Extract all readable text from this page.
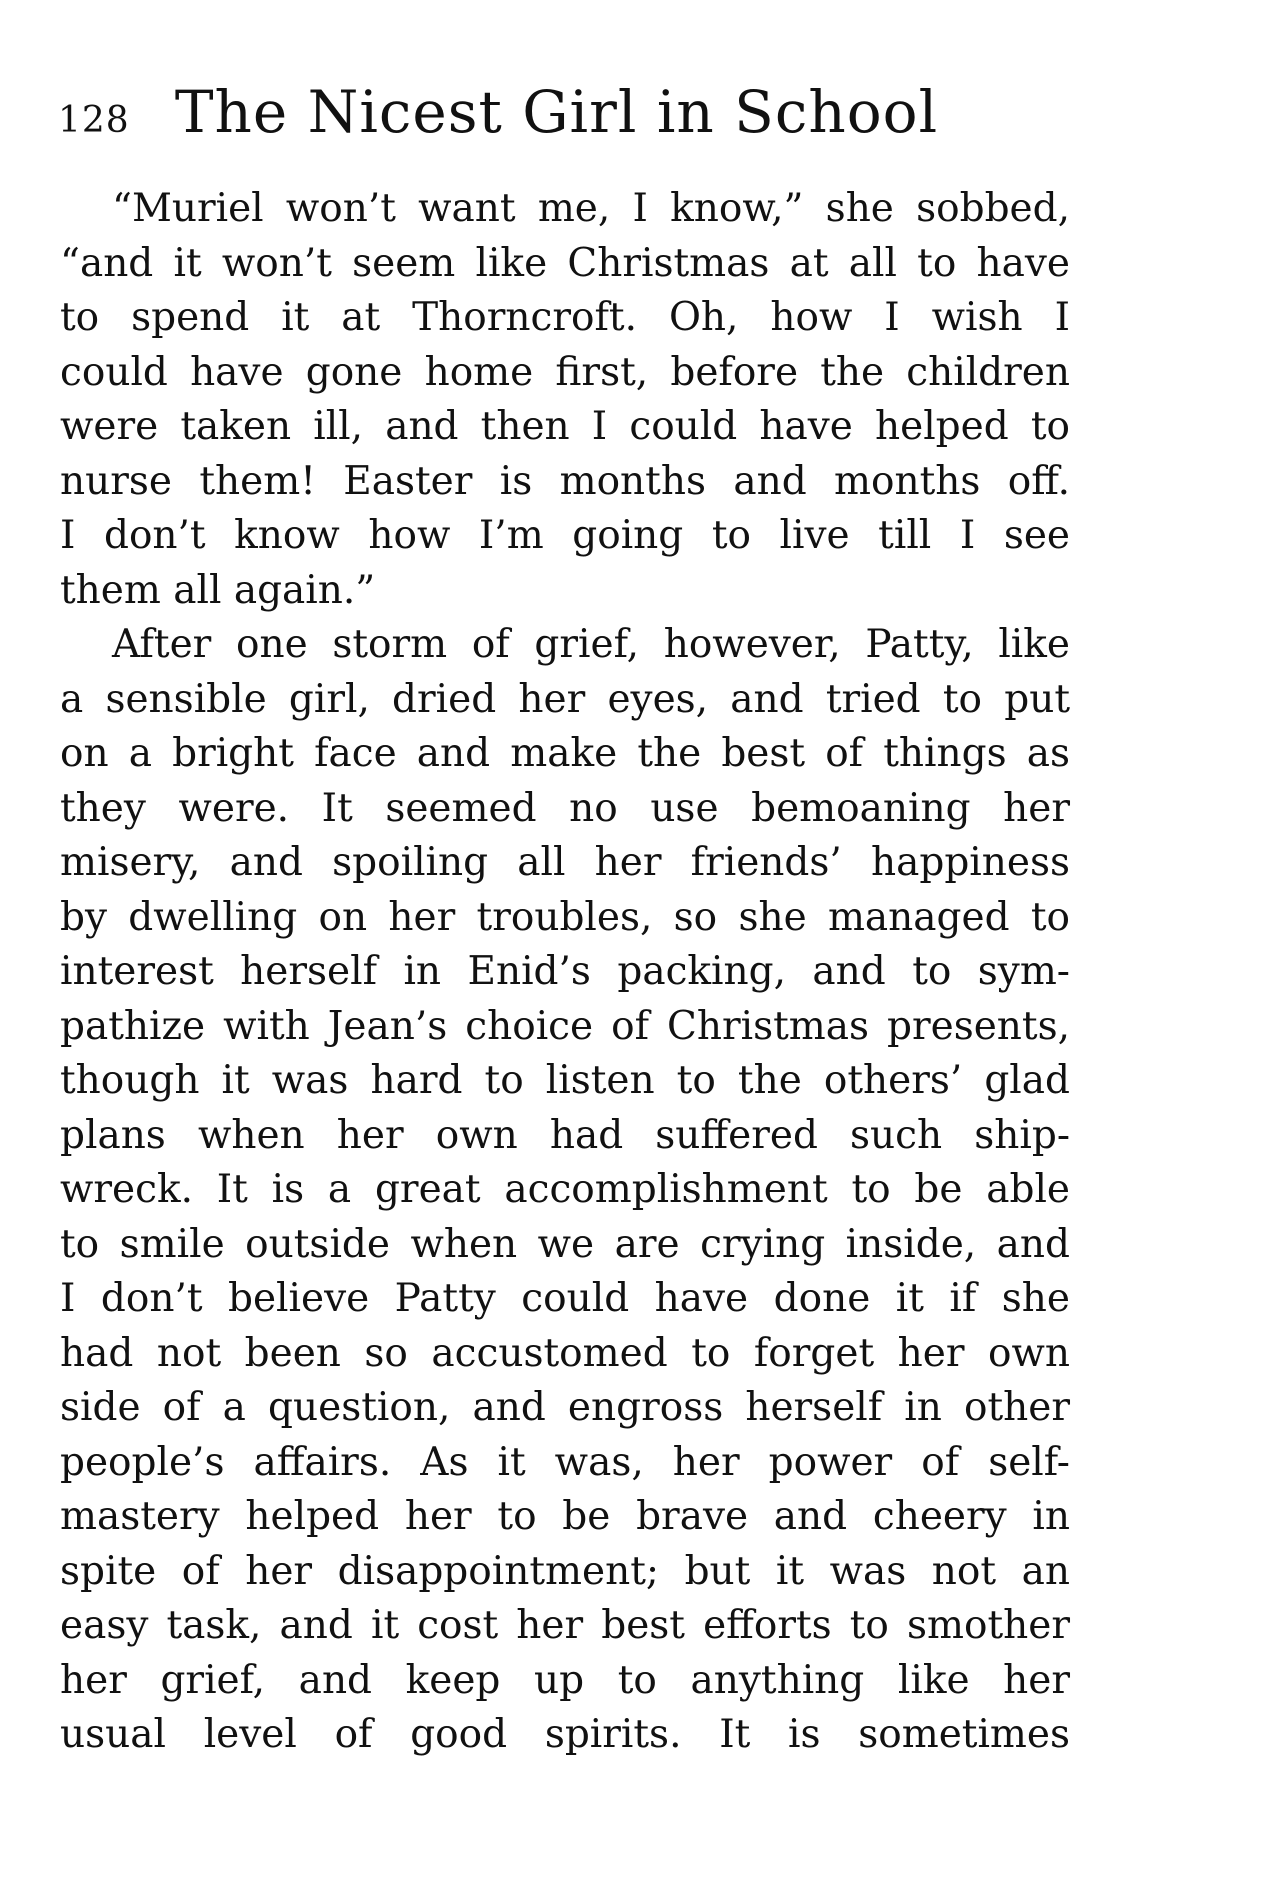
128 The Nicest Girl in School
“Muriel won’t want me, I know,” she sobbed,
“and it won’t seem like Christmas at all to have
to spend it at Thorncroft. Oh, how I wish I
could have gone home first, before the children
were taken ill, and then I could have helped to
nurse them! Easter is months and months off.
I don’t know how I’m going to live till I see
them all again.”
After one storm of grief, however, Patty, like
a sensible girl, dried her eyes, and tried to put
on a bright face and make the best of things as
they were. It seemed no use bemoaning her
misery, and spoiling all her friends’ happiness
by dwelling on her troubles, so she managed to
interest herself in Enid’s packing, and to sym-
pathize with Jean’s choice of Christmas presents,
though it was hard to listen to the others’ glad
plans when her own had suffered such ship-
wreck. It is a great accomplishment to be able
to smile outside when we are crying inside, and
I don’t believe Patty could have done it if she
had not been so accustomed to forget her own
side of a question, and engross herself in other
people’s affairs. As it was, her power of self-
mastery helped her to be brave and cheery in
spite of her disappointment; but it was not an
easy task, and it cost her best efforts to smother
her grief, and keep up to anything like her
usual level of good spirits. It is sometimes
